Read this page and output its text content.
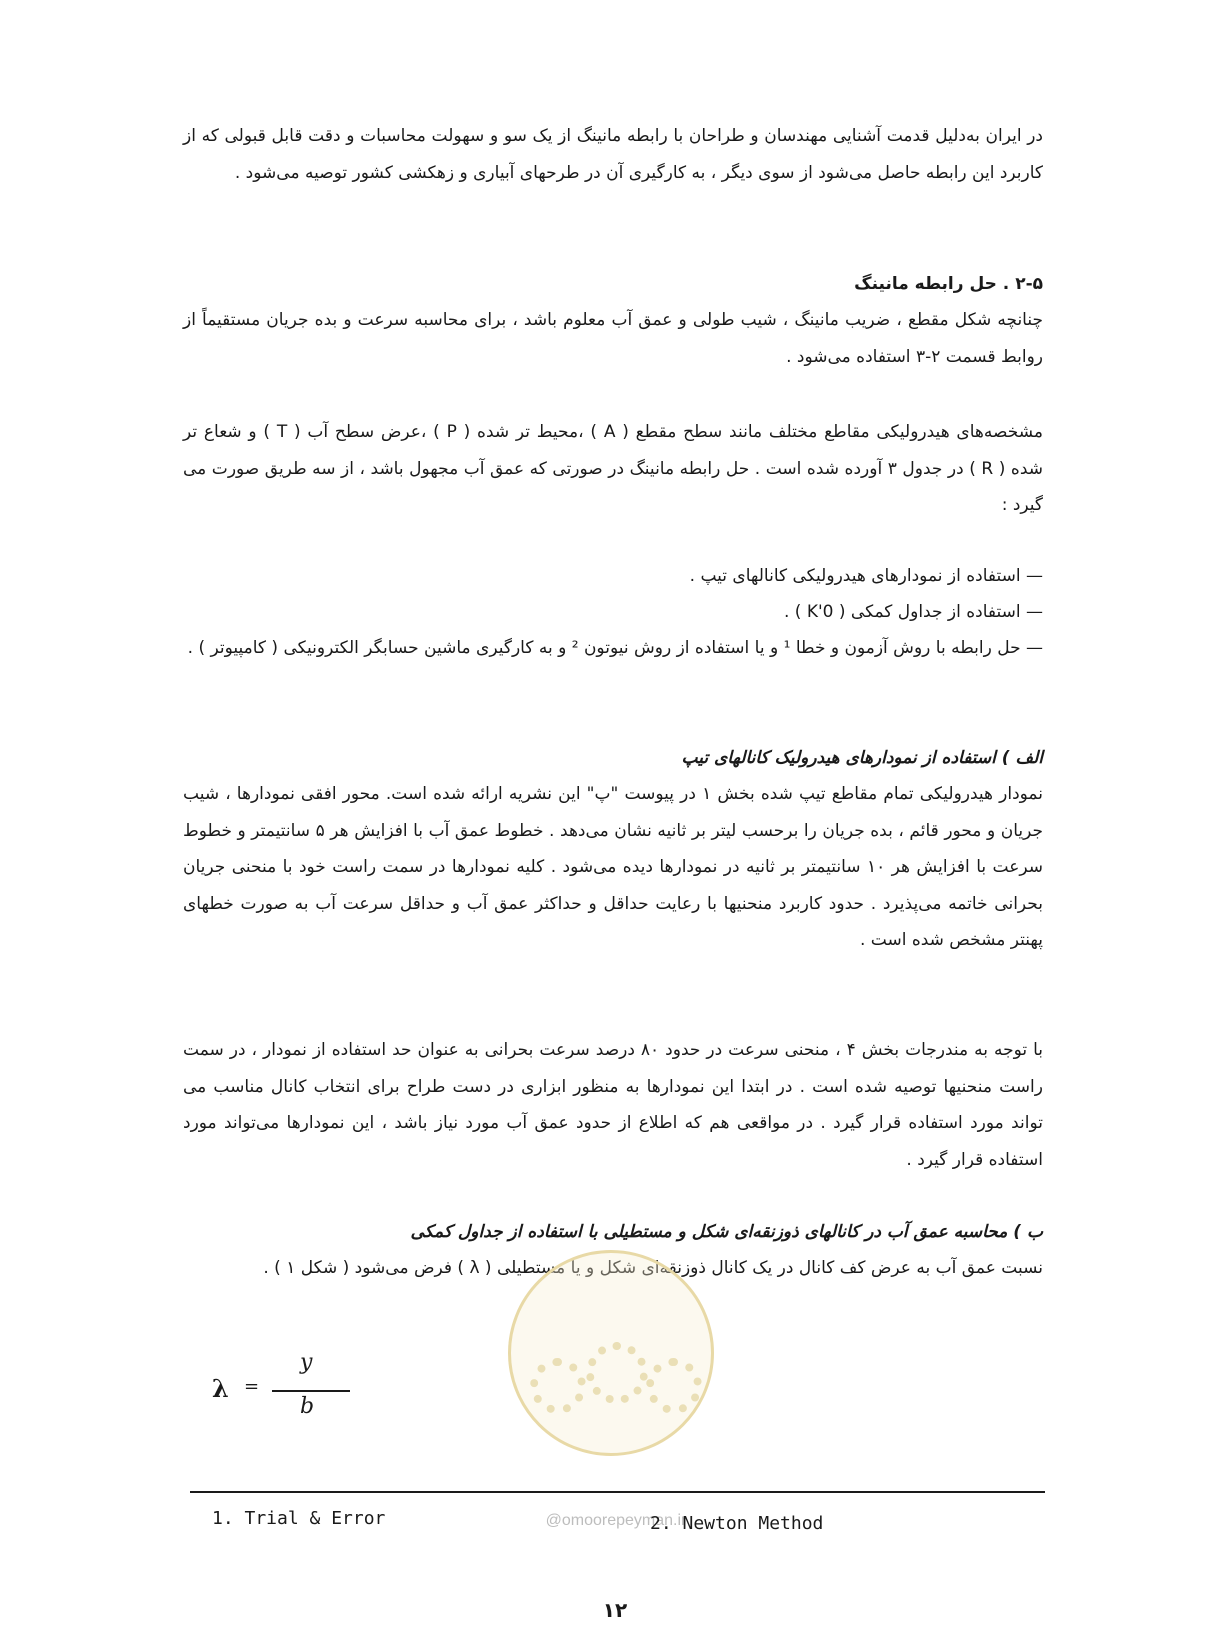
در ایران به‌دلیل قدمت آشنایی مهندسان و طراحان با رابطه مانینگ از یک سو و سهولت محاسبات و دقت قابل قبولی که از کاربرد این رابطه حاصل می‌شود از سوی دیگر ، به کارگیری آن در طرحهای آبیاری و زهکشی کشور توصیه می‌شود .

۲-۵ . حل رابطه مانینگ

چنانچه شکل مقطع ، ضریب مانینگ ، شیب طولی و عمق آب معلوم باشد ، برای محاسبه سرعت و بده جریان مستقیماً از روابط قسمت ۲-۳ استفاده می‌شود .

مشخصه‌های هیدرولیکی مقاطع مختلف مانند سطح مقطع ( A ) ،محیط تر شده ( P ) ،عرض سطح آب ( T ) و شعاع تر شده ( R ) در جدول ۳ آورده شده است . حل رابطه مانینگ در صورتی که عمق آب مجهول باشد ، از سه طریق صورت می گیرد :

— استفاده از نمودارهای هیدرولیکی کانالهای تیپ .
— استفاده از جداول کمکی ( K'0 ) .
— حل رابطه با روش آزمون و خطا ¹ و یا استفاده از روش نیوتون ² و به کارگیری ماشین حسابگر الکترونیکی ( کامپیوتر ) .
الف ) استفاده از نمودارهای هیدرولیک کانالهای تیپ

نمودار هیدرولیکی تمام مقاطع تیپ شده بخش ۱ در پیوست "پ" این نشریه ارائه شده است. محور افقی نمودارها ، شیب جریان و محور قائم ، بده جریان را برحسب لیتر بر ثانیه نشان می‌دهد . خطوط عمق آب با افزایش هر ۵ سانتیمتر و خطوط سرعت با افزایش هر ۱۰ سانتیمتر بر ثانیه در نمودارها دیده می‌شود . کلیه نمودارها در سمت راست خود با منحنی جریان بحرانی خاتمه می‌پذیرد . حدود کاربرد منحنیها با رعایت حداقل و حداکثر عمق آب و حداقل سرعت آب به صورت خطهای پهنتر مشخص شده است .

با توجه به مندرجات بخش ۴ ، منحنی سرعت در حدود ۸۰ درصد سرعت بحرانی به عنوان حد استفاده از نمودار ، در سمت راست منحنیها توصیه شده است . در ابتدا این نمودارها به منظور ابزاری در دست طراح برای انتخاب کانال مناسب می تواند مورد استفاده قرار گیرد . در مواقعی هم که اطلاع از حدود عمق آب مورد نیاز باشد ، این نمودارها می‌تواند مورد استفاده قرار گیرد .

ب ) محاسبه عمق آب در کانالهای ذوزنقه‌ای شکل و مستطیلی با استفاده از جداول کمکی

نسبت عمق آب به عرض کف کانال در یک کانال ذوزنقه‌ای شکل و یا مستطیلی ( λ ) فرض می‌شود ( شکل ۱ ) .

λ =
y
b
@omoorepeyman.ir
1. Trial & Error	2. Newton Method
۱۲
